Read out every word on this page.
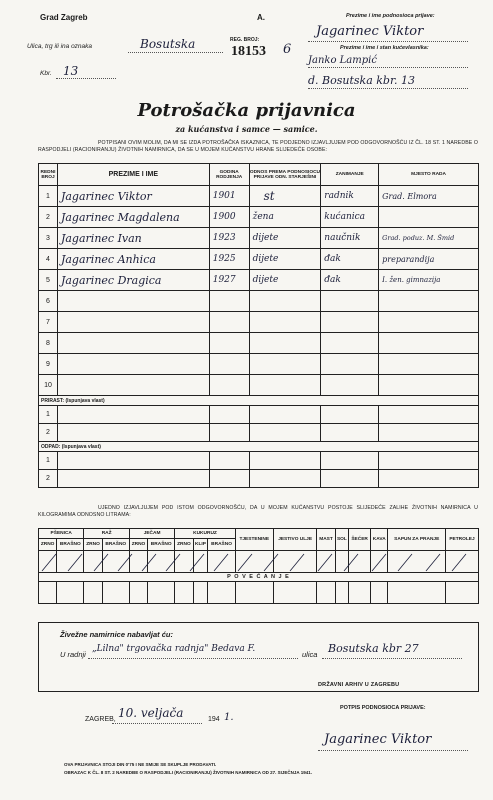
Grad Zagreb
Ulica, trg ili ina oznaka	Bosutska
Kbr. 13
A.
REG. BROJ:
18153 6
Prezime i ime podnosioca prijave:
Jagarinec Viktor
Prezime i ime i stan kućevlasnika:
Janko Lampić
d. Bosutska kbr. 13
Potrošačka prijavnica
za kućanstva i samce — samice.
POTPISANI OVIM MOLIM, DA MI SE IZDA POTROŠAČKA ISKAZNICA, TE PODJEDNO IZJAVLJUJEM POD ODGOVORNOŠĆU IZ ČL. 18 ST. 1 NAREDBE O RASPODJELI (RACIONIRANJU) ŽIVOTNIH NAMIRNICA, DA SE U MOJEM KUĆANSTVU HRANE SLIJEDEĆE OSOBE:
REDNI BROJ	PREZIME I IME	GODINA RODJENJA	ODNOS PREMA PODNOSIOCU PRIJAVE ODN. STARJEŠINI	ZANIMANJE	MJESTO RADA
1	Jagarinec Viktor	1901	st	radnik	Grad. Elmora
2	Jagarinec Magdalena	1900	žena	kućanica	
3	Jagarinec Ivan	1923	dijete	naučnik	Grad. poduz. M. Šmid
4	Jagarinec Anhica	1925	dijete	đak	preparandija
5	Jagarinec Dragica	1927	dijete	đak	I. žen. gimnazija
6					
7					
8					
9					
10					
PRIRAST: (Ispunjava vlast)					
1					
2					
ODPAD: (Ispunjava vlast)					
1					
2					
UJEDNO IZJAVLJUJEM POD ISTOM ODGOVORNOŠĆU, DA U MOJEM KUĆANSTVU POSTOJE SLIJEDEĆE ZALIHE ŽIVOTNIH NAMIRNICA U KILOGRAMIMA ODNOSNO LITRAMA:
PŠENICA		RAŽ		JEČAM		KUKURUZ			TJESTENINE	JESTIVO ULJE	MAST	SOL	ŠEĆER	KAVA	SAPUN ZA PRANJE	PETROLEJ
ZRNO	BRAŠNO	ZRNO	BRAŠNO	ZRNO	BRAŠNO	ZRNO	KLIP	BRAŠNO								

P O V E Ć A N J E																

Živežne namirnice nabavljat ću:
U radnji
„Lilna" trgovačka radnja" Bedava F.
ulica Bosutska kbr 27
DRŽAVNI ARHIV U ZAGREBU
ZAGREB, 10. veljača	194 1.
POTPIS PODNOSIOCA PRIJAVE:
Jagarinec Viktor
OVA PRIJAVNICA STOJI DIN 0'75 I NE SMIJE SE SKUPLJE PRODAVATI.
OBRAZAC K ČL. 8 ST. 2 NAREDBE O RASPODJELI (RACIONIRANJU) ŽIVOTNIH NAMIRNICA OD 27. SIJEČNJA 1941.
